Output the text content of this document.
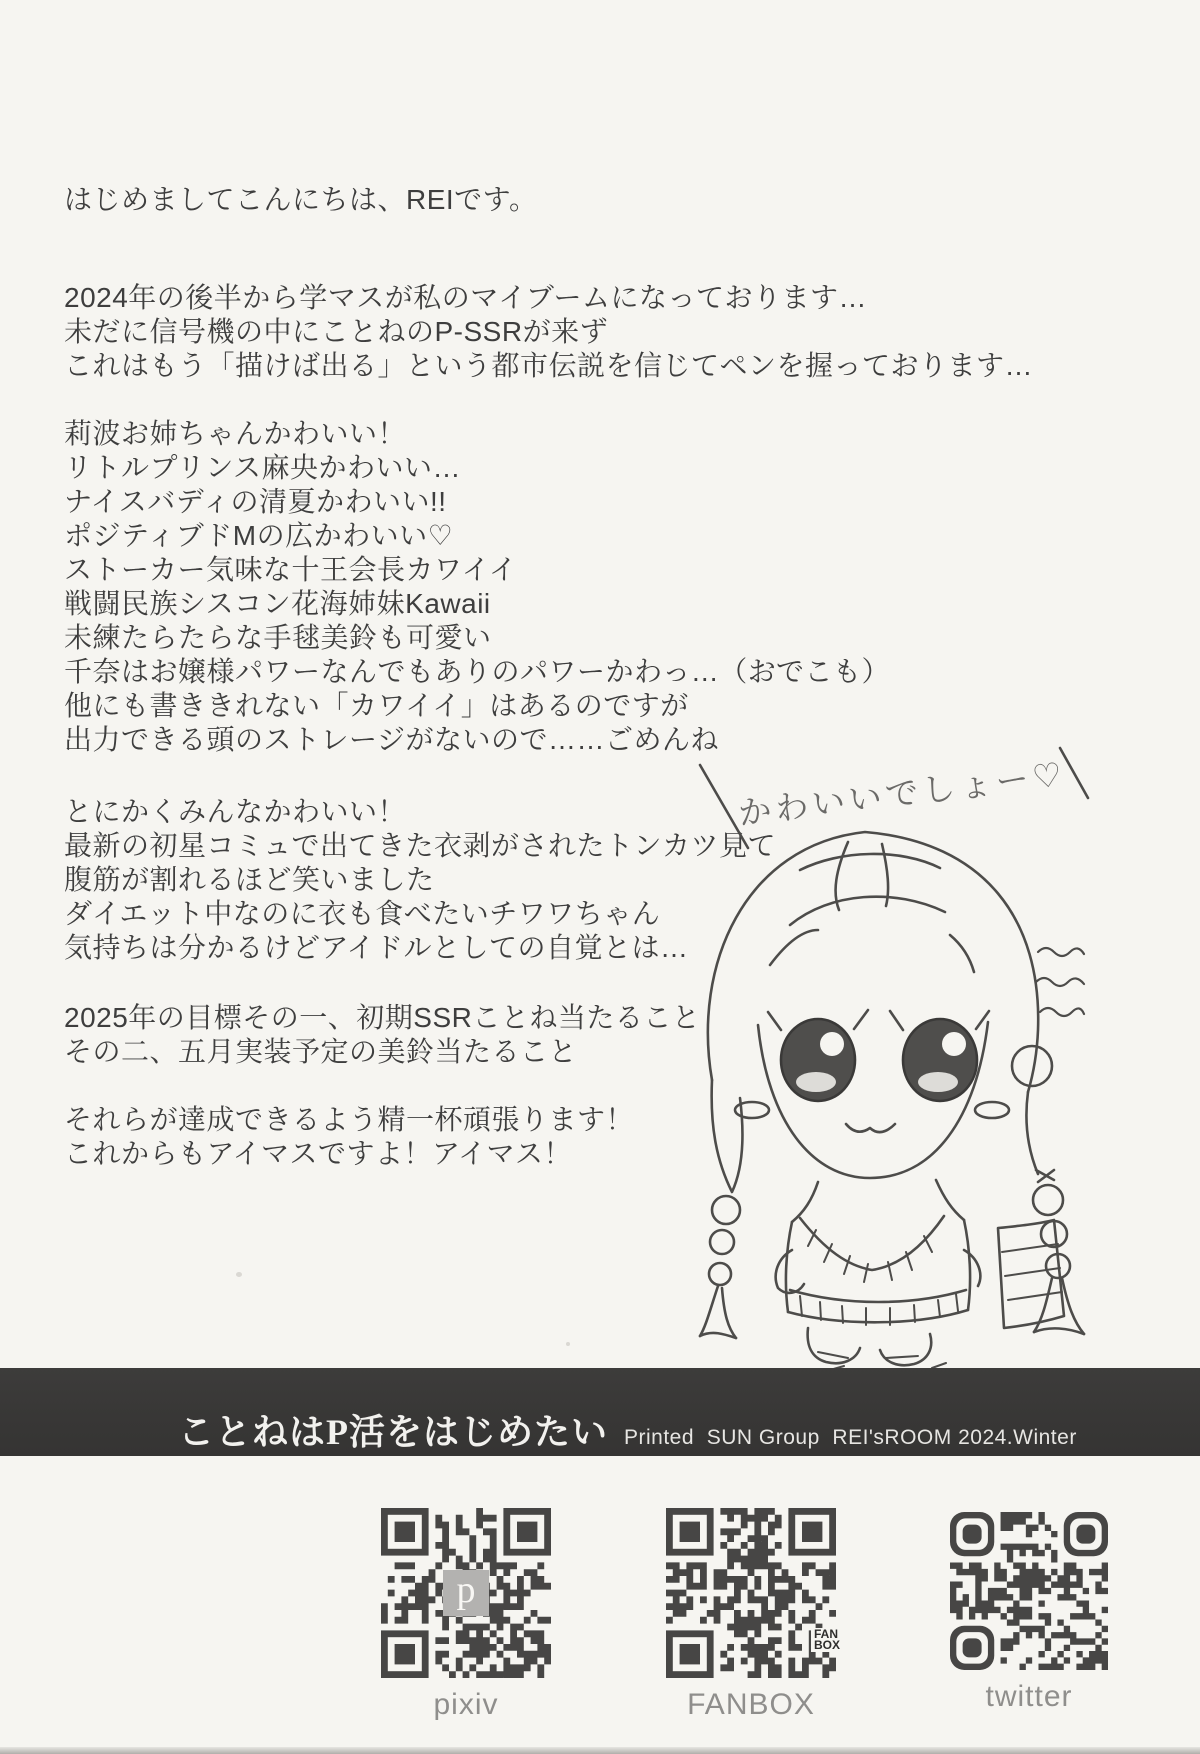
はじめましてこんにちは、REIです。
2024年の後半から学マスが私のマイブームになっております…
未だに信号機の中にことねのP-SSRが来ず
これはもう「描けば出る」という都市伝説を信じてペンを握っております…
莉波お姉ちゃんかわいい！
リトルプリンス麻央かわいい…
ナイスバディの清夏かわいい!!
ポジティブドMの広かわいい♡
ストーカー気味な十王会長カワイイ
戦闘民族シスコン花海姉妹Kawaii
未練たらたらな手毬美鈴も可愛い
千奈はお嬢様パワーなんでもありのパワーかわっ…（おでこも）
他にも書ききれない「カワイイ」はあるのですが
出力できる頭のストレージがないので……ごめんね
とにかくみんなかわいい！
最新の初星コミュで出てきた衣剥がされたトンカツ見て
腹筋が割れるほど笑いました
ダイエット中なのに衣も食べたいチワワちゃん
気持ちは分かるけどアイドルとしての自覚とは…
2025年の目標その一、初期SSRことね当たること
その二、五月実装予定の美鈴当たること
それらが達成できるよう精一杯頑張ります！
これからもアイマスですよ！アイマス！
かわいいでしょー♡
ことねはP活をはじめたい Printed  SUN Group  REI'sROOM 2024.Winter
p
pixiv
FAN
BOX
FANBOX	twitter
